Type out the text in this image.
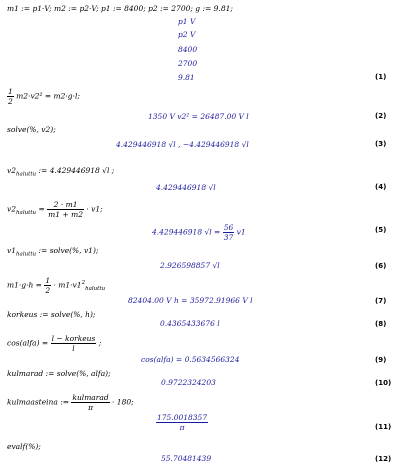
m1 := p1·V; m2 := p2·V; p1 := 8400; p2 := 2700; g := 9.81;
p1 V
p2 V
8400
2700
9.81	(1)
$\frac{1}{2} m2\cdot v2^2 = m2\cdot g\cdot l$;
1350 V v2² = 26487.00 V l	(2)
solve(%, v2);
4.429446918 √l , −4.429446918 √l	(3)
$v2_{haluttu}$ := 4.429446918 √l ;
4.429446918 √l	(4)
$v2_{haluttu} = \frac{2 \cdot m1}{m1 + m2} \cdot v1$;
4.429446918 $√l = \frac{56}{37} v1$	(5)
$v1_{haluttu}$ := solve(%, v1);
2.926598857 √l	(6)
$m1\cdot g\cdot h = \frac{1}{2} \cdot m1\cdot v1^2_{haluttu}$
82404.00 V h = 35972.91966 V l	(7)
korkeus := solve(%, h);
0.4365433676 l	(8)
cos(alfa) = $\frac{\text{l − korkeus}}{l}$ ;
cos(alfa) = 0.5634566324	(9)
kulmarad := solve(%, alfa);
0.9722324203	(10)
kulmaasteina := $\frac{\text{kulmarad}}{\pi} \cdot 180$;
$\frac{175.0018357}{\pi}$	(11)
evalf(%);
55.70481439	(12)
